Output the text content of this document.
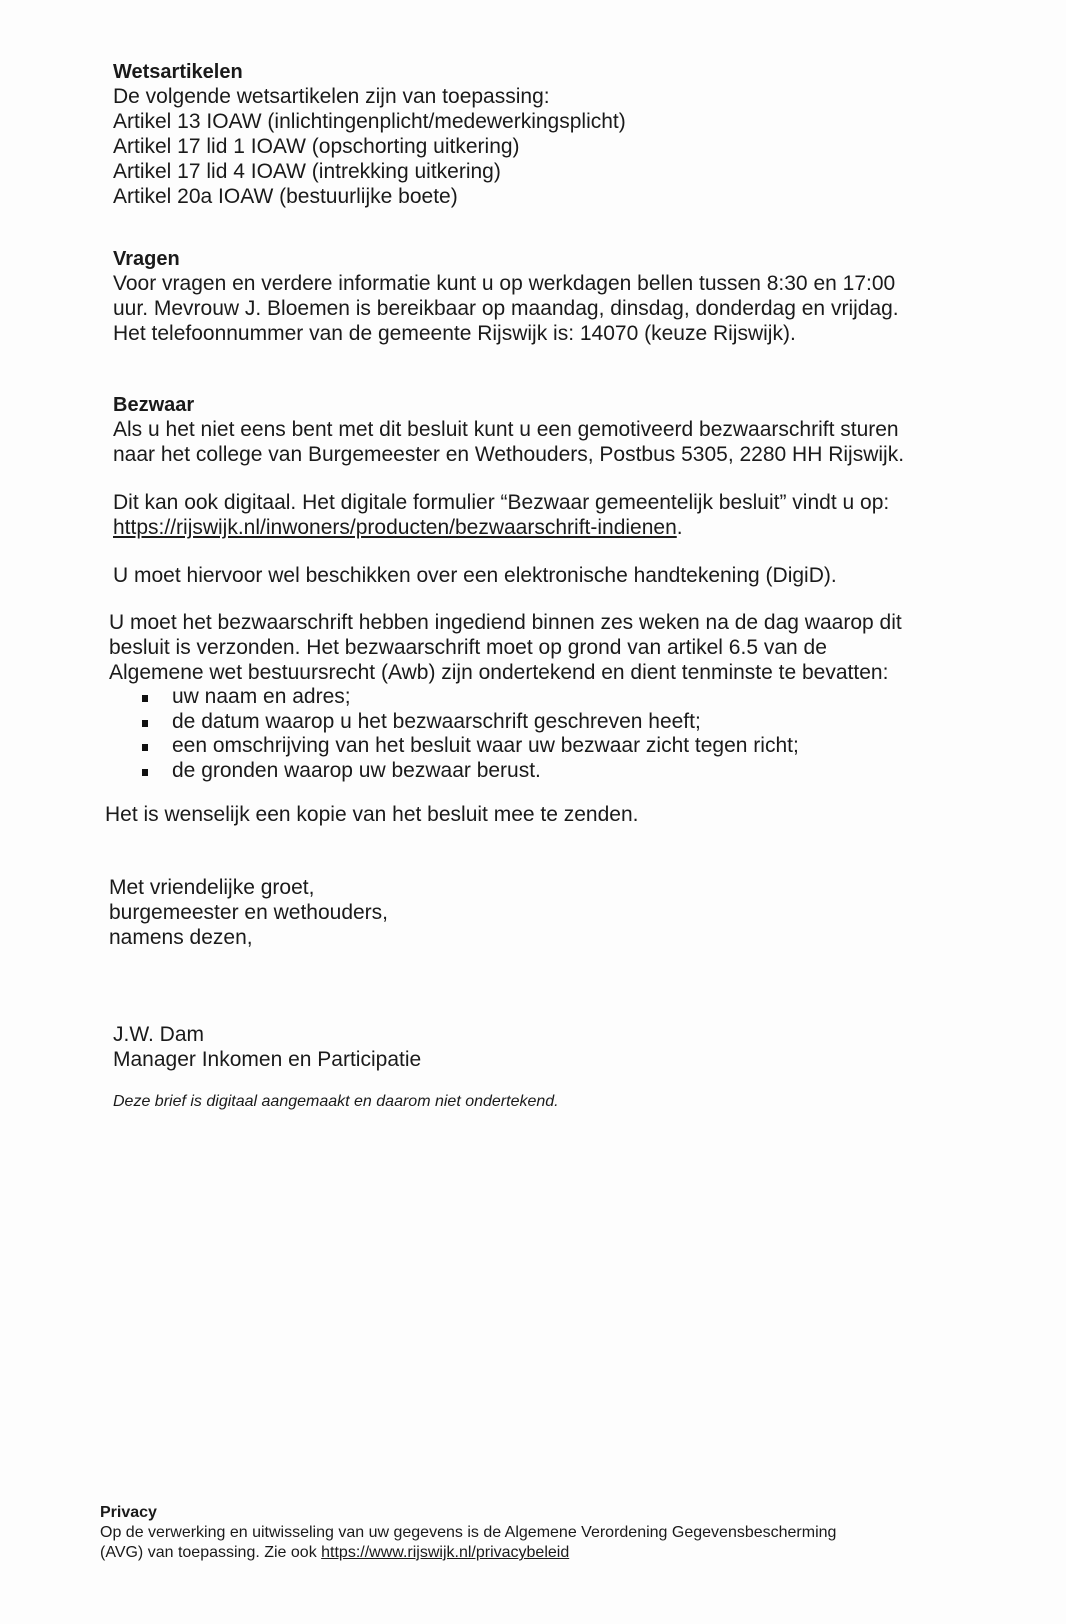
Wetsartikelen

De volgende wetsartikelen zijn van toepassing:

Artikel 13 IOAW (inlichtingenplicht/medewerkingsplicht)

Artikel 17 lid 1 IOAW (opschorting uitkering)

Artikel 17 lid 4 IOAW (intrekking uitkering)

Artikel 20a IOAW (bestuurlijke boete)

Vragen

Voor vragen en verdere informatie kunt u op werkdagen bellen tussen 8:30 en 17:00

uur. Mevrouw J. Bloemen is bereikbaar op maandag, dinsdag, donderdag en vrijdag.

Het telefoonnummer van de gemeente Rijswijk is: 14070 (keuze Rijswijk).

Bezwaar

Als u het niet eens bent met dit besluit kunt u een gemotiveerd bezwaarschrift sturen

naar het college van Burgemeester en Wethouders, Postbus 5305, 2280 HH Rijswijk.

Dit kan ook digitaal. Het digitale formulier “Bezwaar gemeentelijk besluit” vindt u op:

https://rijswijk.nl/inwoners/producten/bezwaarschrift-indienen.

U moet hiervoor wel beschikken over een elektronische handtekening (DigiD).

U moet het bezwaarschrift hebben ingediend binnen zes weken na de dag waarop dit

besluit is verzonden. Het bezwaarschrift moet op grond van artikel 6.5 van de

Algemene wet bestuursrecht (Awb) zijn ondertekend en dient tenminste te bevatten:

uw naam en adres;
de datum waarop u het bezwaarschrift geschreven heeft;
een omschrijving van het besluit waar uw bezwaar zicht tegen richt;
de gronden waarop uw bezwaar berust.

Het is wenselijk een kopie van het besluit mee te zenden.

Met vriendelijke groet,

burgemeester en wethouders,

namens dezen,

J.W. Dam

Manager Inkomen en Participatie

Deze brief is digitaal aangemaakt en daarom niet ondertekend.

Privacy

Op de verwerking en uitwisseling van uw gegevens is de Algemene Verordening Gegevensbescherming

(AVG) van toepassing. Zie ook https://www.rijswijk.nl/privacybeleid
